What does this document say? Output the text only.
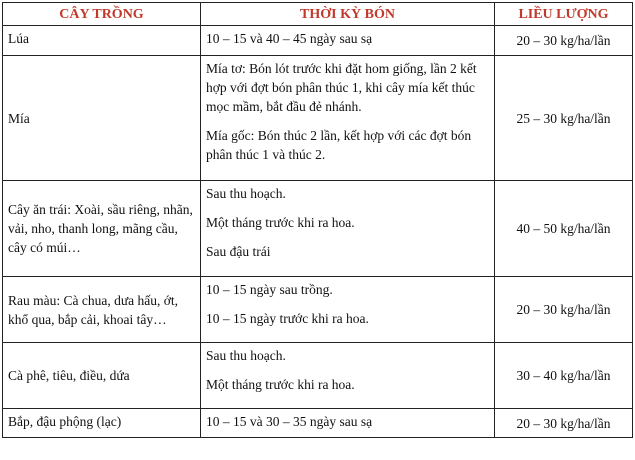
CÂY TRỒNG	THỜI KỲ BÓN	LIỀU LƯỢNG
Lúa	10 – 15 và 40 – 45 ngày sau sạ	20 – 30 kg/ha/lần
Mía	Mía tơ: Bón lót trước khi đặt hom giống, lần 2 kết hợp với đợt bón phân thúc 1, khi cây mía kết thúc mọc mầm, bắt đầu đẻ nhánh.
Mía gốc: Bón thúc 2 lần, kết hợp với các đợt bón phân thúc 1 và thúc 2.	25 – 30 kg/ha/lần
Cây ăn trái: Xoài, sầu riêng, nhãn, vải, nho, thanh long, mãng cầu, cây có múi…	Sau thu hoạch.
Một tháng trước khi ra hoa.
Sau đậu trái	40 – 50 kg/ha/lần
Rau màu: Cà chua, dưa hấu, ớt, khổ qua, bắp cải, khoai tây…	10 – 15 ngày sau trồng.
10 – 15 ngày trước khi ra hoa.	20 – 30 kg/ha/lần
Cà phê, tiêu, điều, dứa	Sau thu hoạch.
Một tháng trước khi ra hoa.	30 – 40 kg/ha/lần
Bắp, đậu phộng (lạc)	10 – 15 và 30 – 35 ngày sau sạ	20 – 30 kg/ha/lần
